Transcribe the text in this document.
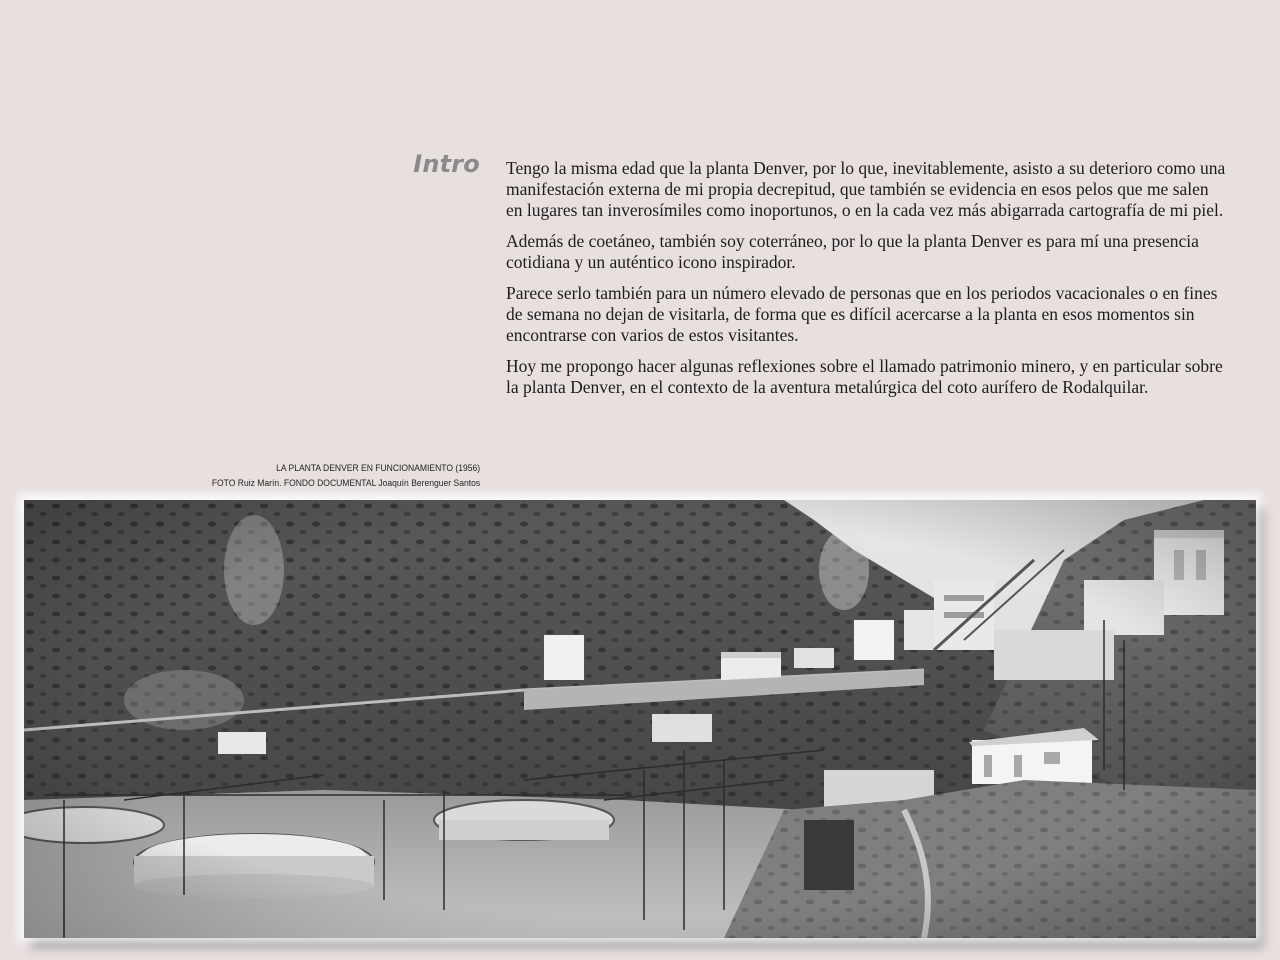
Intro Tengo la misma edad que la planta Denver, por lo que, inevitablemente, asisto a su deterioro como una manifestación externa de mi propia decrepitud, que también se evidencia en esos pelos que me salen en lugares tan inverosímiles como inoportunos, o en la cada vez más abigarrada cartografía de mi piel.

Además de coetáneo, también soy coterráneo, por lo que la planta Denver es para mí una presencia cotidiana y un auténtico icono inspirador.

Parece serlo también para un número elevado de personas que en los periodos vacacionales o en fines de semana no dejan de visitarla, de forma que es difícil acercarse a la planta en esos momentos sin encontrarse con varios de estos visitantes.

Hoy me propongo hacer algunas reflexiones sobre el llamado patrimonio minero, y en particular sobre la planta Denver, en el contexto de la aventura metalúrgica del coto aurífero de Rodalquilar.

LA PLANTA DENVER EN FUNCIONAMIENTO (1956)
FOTO Ruiz Marín. FONDO DOCUMENTAL Joaquín Berenguer Santos
